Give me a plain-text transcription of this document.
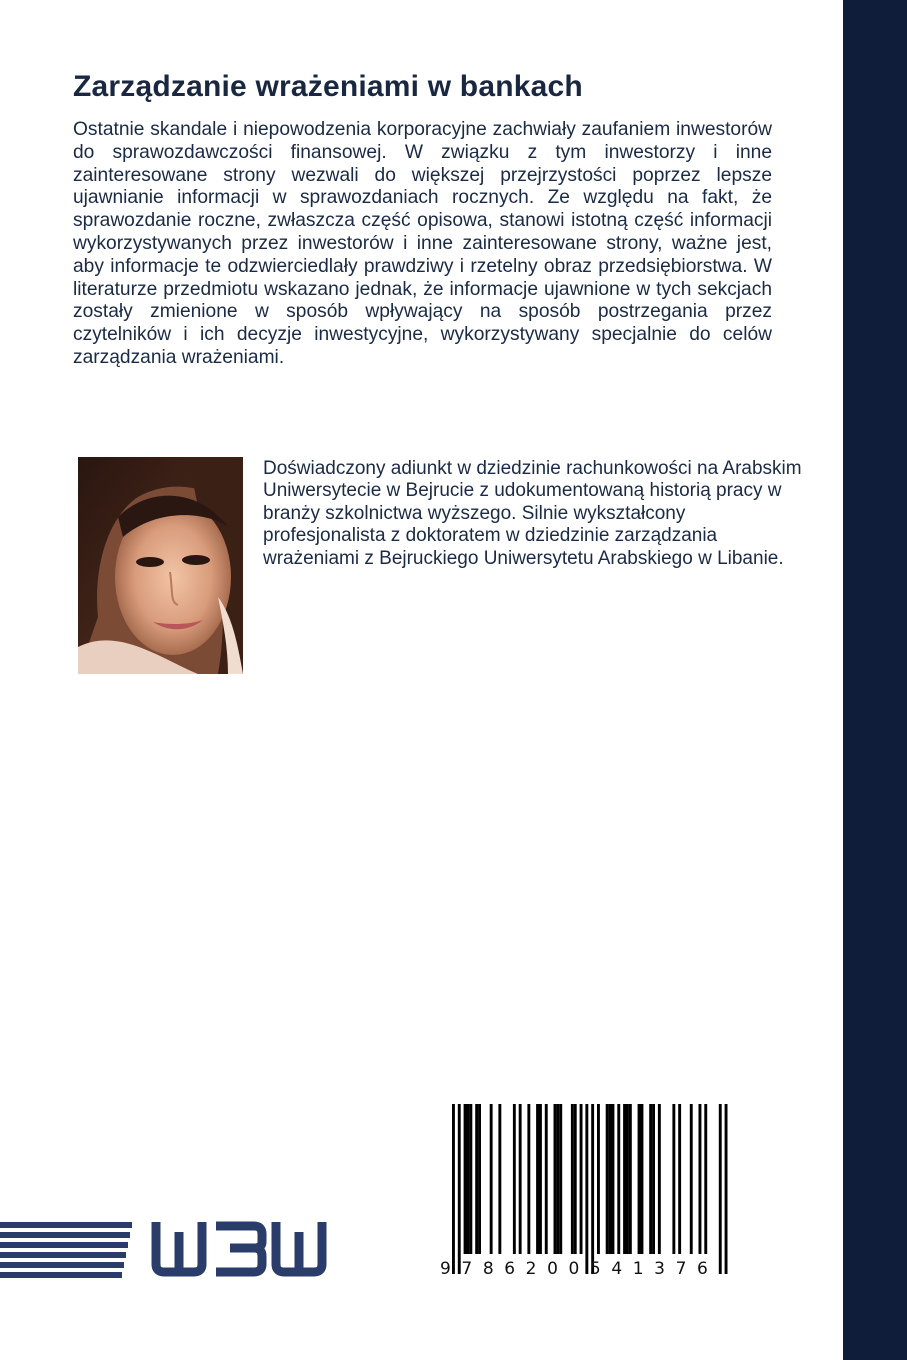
Zarządzanie wrażeniami w bankach

Ostatnie skandale i niepowodzenia korporacyjne zachwiały zaufaniem inwestorów do sprawozdawczości finansowej. W związku z tym inwestorzy i inne zainteresowane strony wezwali do większej przejrzystości poprzez lepsze ujawnianie informacji w sprawozdaniach rocznych. Ze względu na fakt, że sprawozdanie roczne, zwłaszcza część opisowa, stanowi istotną część informacji wykorzystywanych przez inwestorów i inne zainteresowane strony, ważne jest, aby informacje te odzwierciedlały prawdziwy i rzetelny obraz przedsiębiorstwa. W literaturze przedmiotu wskazano jednak, że informacje ujawnione w tych sekcjach zostały zmienione w sposób wpływający na sposób postrzegania przez czytelników i ich decyzje inwestycyjne, wykorzystywany specjalnie do celów zarządzania wrażeniami.

Doświadczony adiunkt w dziedzinie rachunkowości na Arabskim Uniwersytecie w Bejrucie z udokumentowaną historią pracy w branży szkolnictwa wyższego. Silnie wykształcony profesjonalista z doktoratem w dziedzinie zarządzania wrażeniami z Bejruckiego Uniwersytetu Arabskiego w Libanie.

9786200541376
